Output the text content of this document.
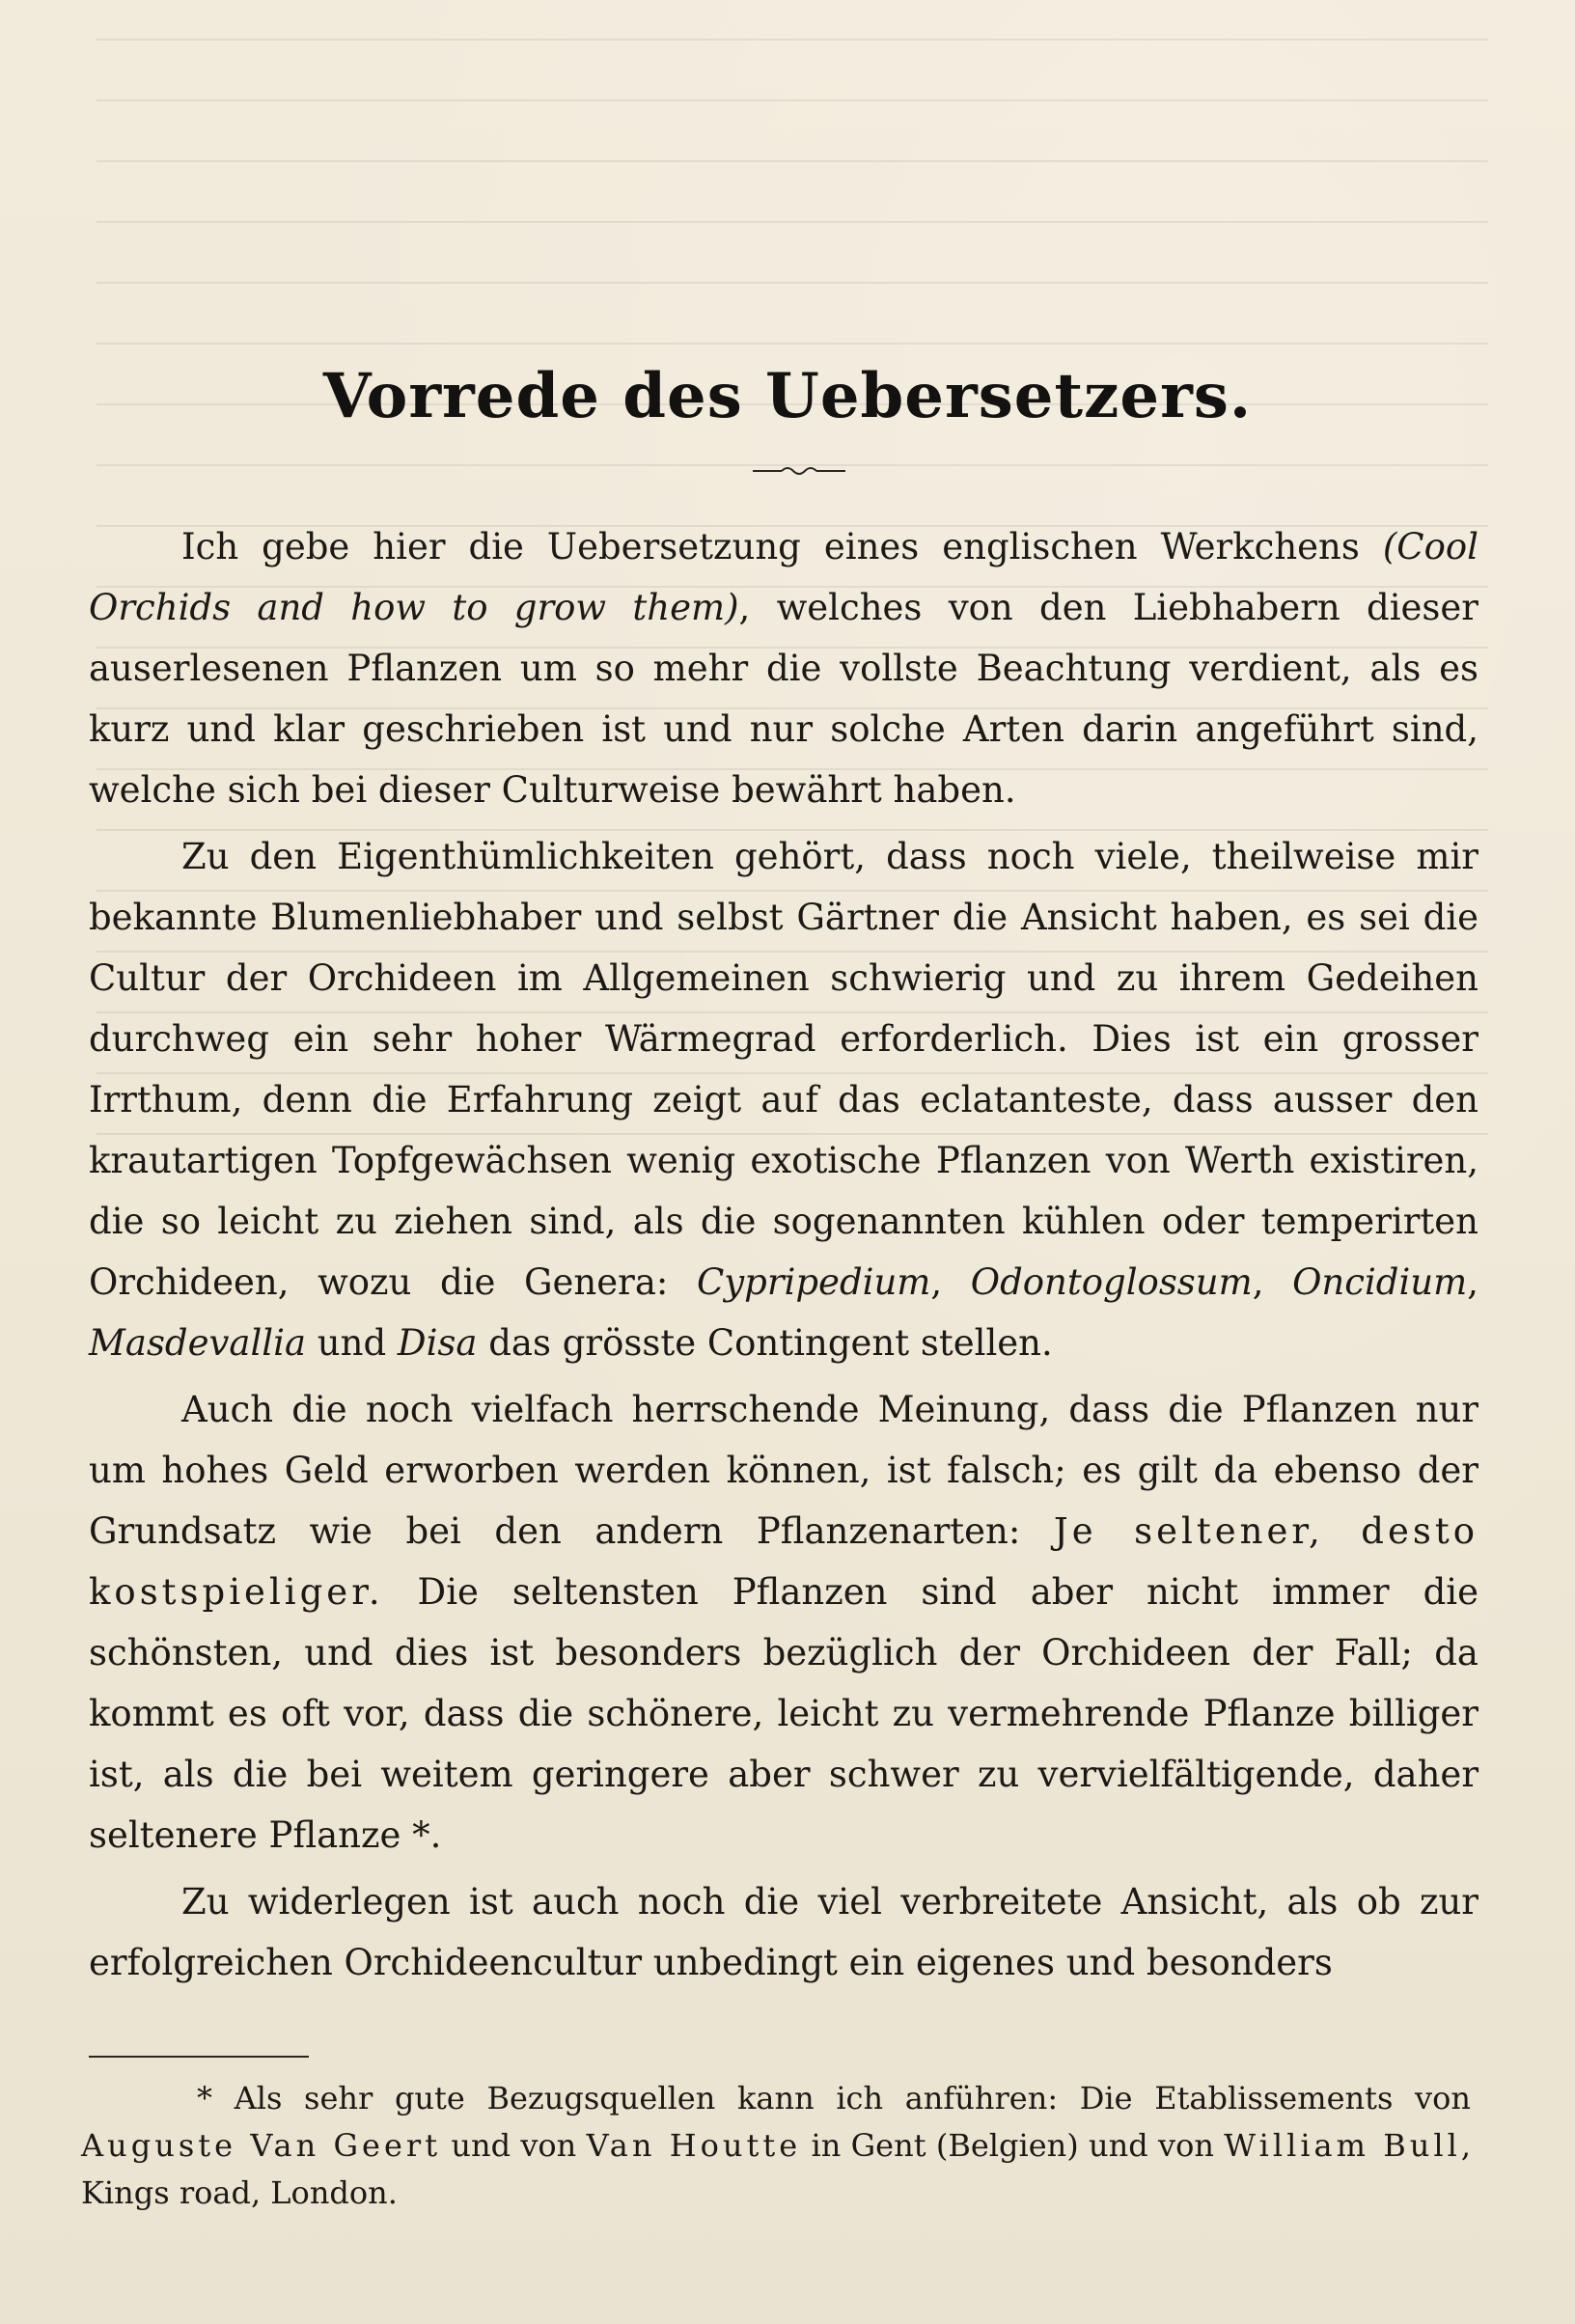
Vorrede des Uebersetzers.

Ich gebe hier die Uebersetzung eines englischen Werkchens (Cool Orchids and how to grow them), welches von den Liebhabern dieser auserlesenen Pflanzen um so mehr die vollste Beachtung verdient, als es kurz und klar geschrieben ist und nur solche Arten darin angeführt sind, welche sich bei dieser Culturweise bewährt haben.

Zu den Eigenthümlichkeiten gehört, dass noch viele, theilweise mir bekannte Blumenliebhaber und selbst Gärtner die Ansicht haben, es sei die Cultur der Orchideen im Allgemeinen schwierig und zu ihrem Gedeihen durchweg ein sehr hoher Wärmegrad erforderlich. Dies ist ein grosser Irrthum, denn die Erfahrung zeigt auf das eclatanteste, dass ausser den krautartigen Topfgewächsen wenig exotische Pflanzen von Werth existiren, die so leicht zu ziehen sind, als die sogenannten kühlen oder temperirten Orchideen, wozu die Genera: Cypripedium, Odontoglossum, Oncidium, Masdevallia und Disa das grösste Contingent stellen.

Auch die noch vielfach herrschende Meinung, dass die Pflanzen nur um hohes Geld erworben werden können, ist falsch; es gilt da ebenso der Grundsatz wie bei den andern Pflanzenarten: Je seltener, desto kostspieliger. Die seltensten Pflanzen sind aber nicht immer die schönsten, und dies ist besonders bezüglich der Orchideen der Fall; da kommt es oft vor, dass die schönere, leicht zu vermehrende Pflanze billiger ist, als die bei weitem geringere aber schwer zu vervielfältigende, daher seltenere Pflanze *.

Zu widerlegen ist auch noch die viel verbreitete Ansicht, als ob zur erfolgreichen Orchideencultur unbedingt ein eigenes und besonders

* Als sehr gute Bezugsquellen kann ich anführen: Die Etablissements von Auguste Van Geert und von Van Houtte in Gent (Belgien) und von William Bull, Kings road, London.
